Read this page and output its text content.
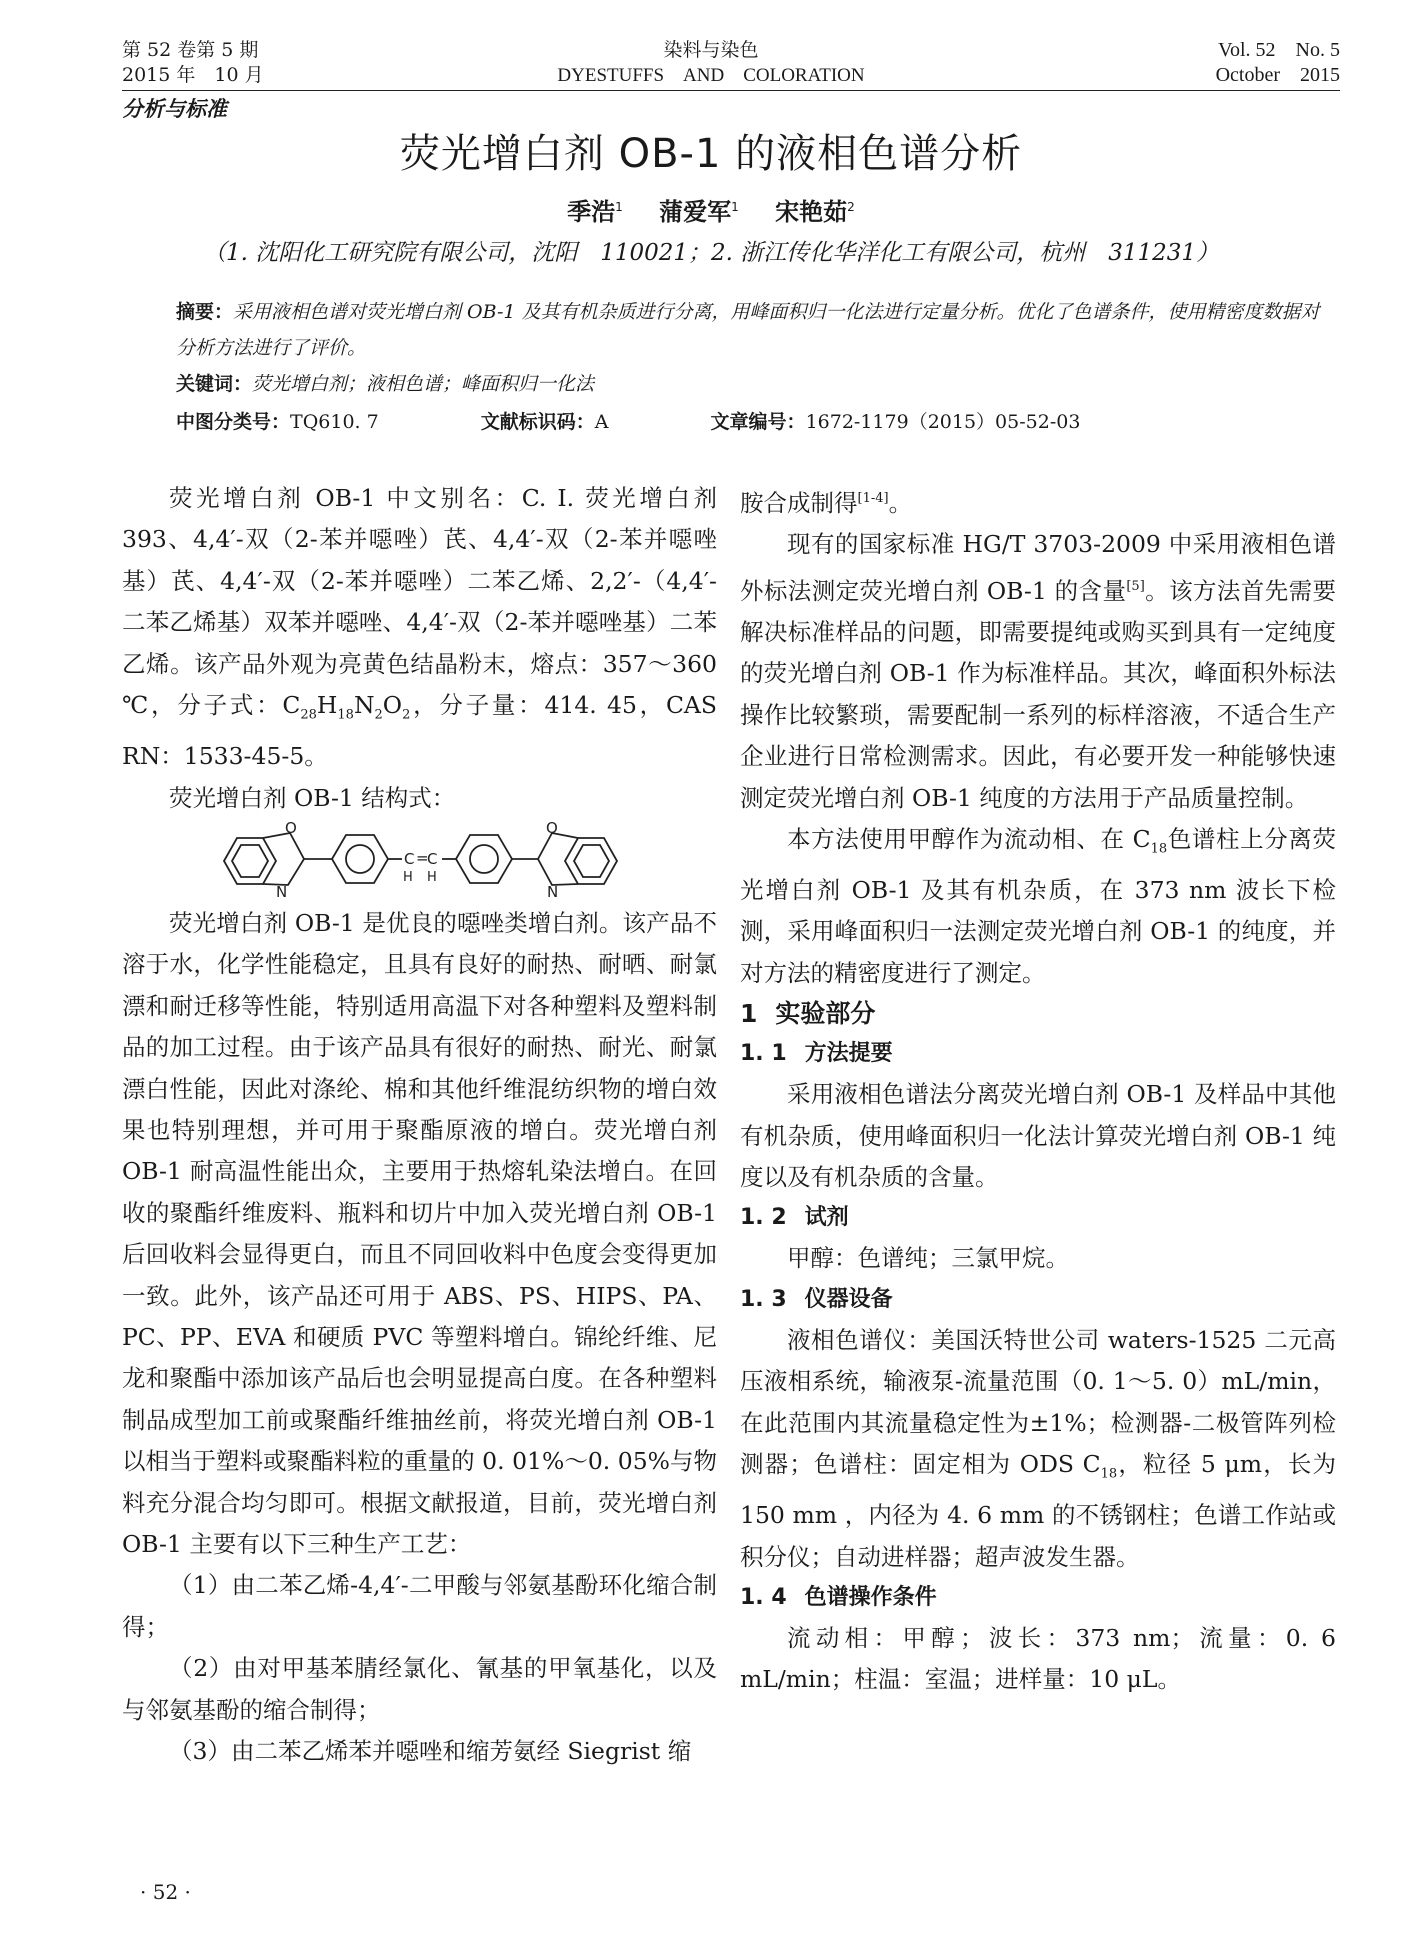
第 52 卷第 5 期
2015 年　10 月
染料与染色
DYESTUFFS　AND　COLORATION
Vol. 52　No. 5
October　2015
分析与标准
荧光增白剂 OB-1 的液相色谱分析
季浩$^1$ 蒲爱军$^1$ 宋艳茹$^2$
（1. 沈阳化工研究院有限公司，沈阳　110021；2. 浙江传化华洋化工有限公司，杭州　311231）
摘要：采用液相色谱对荧光增白剂 OB-1 及其有机杂质进行分离，用峰面积归一化法进行定量分析。优化了色谱条件，使用精密度数据对分析方法进行了评价。
关键词：荧光增白剂；液相色谱；峰面积归一化法
中图分类号：TQ610. 7	文献标识码：A	文章编号：1672-1179（2015）05-52-03

荧光增白剂 OB-1 中文别名：C. I. 荧光增白剂 393、4,4′-双（2-苯并噁唑）芪、4,4′-双（2-苯并噁唑基）芪、4,4′-双（2-苯并噁唑）二苯乙烯、2,2′-（4,4′-二苯乙烯基）双苯并噁唑、4,4′-双（2-苯并噁唑基）二苯乙烯。该产品外观为亮黄色结晶粉末，熔点：357～360 ℃，分子式：$C_{28}H_{18}N_2O_2$，分子量：414. 45，CAS RN：1533-45-5。

荧光增白剂 OB-1 结构式：

O
N
C =
C
H H
O
N

荧光增白剂 OB-1 是优良的噁唑类增白剂。该产品不溶于水，化学性能稳定，且具有良好的耐热、耐晒、耐氯漂和耐迁移等性能，特别适用高温下对各种塑料及塑料制品的加工过程。由于该产品具有很好的耐热、耐光、耐氯漂白性能，因此对涤纶、棉和其他纤维混纺织物的增白效果也特别理想，并可用于聚酯原液的增白。荧光增白剂 OB-1 耐高温性能出众，主要用于热熔轧染法增白。在回收的聚酯纤维废料、瓶料和切片中加入荧光增白剂 OB-1 后回收料会显得更白，而且不同回收料中色度会变得更加一致。此外，该产品还可用于 ABS、PS、HIPS、PA、PC、PP、EVA 和硬质 PVC 等塑料增白。锦纶纤维、尼龙和聚酯中添加该产品后也会明显提高白度。在各种塑料制品成型加工前或聚酯纤维抽丝前，将荧光增白剂 OB-1 以相当于塑料或聚酯料粒的重量的 0. 01%～0. 05%与物料充分混合均匀即可。根据文献报道，目前，荧光增白剂 OB-1 主要有以下三种生产工艺：

（1）由二苯乙烯-4,4′-二甲酸与邻氨基酚环化缩合制得；

（2）由对甲基苯腈经氯化、氰基的甲氧基化，以及与邻氨基酚的缩合制得；

（3）由二苯乙烯苯并噁唑和缩芳氨经 Siegrist 缩

胺合成制得[1-4]。

现有的国家标准 HG/T 3703-2009 中采用液相色谱外标法测定荧光增白剂 OB-1 的含量[5]。该方法首先需要解决标准样品的问题，即需要提纯或购买到具有一定纯度的荧光增白剂 OB-1 作为标准样品。其次，峰面积外标法操作比较繁琐，需要配制一系列的标样溶液，不适合生产企业进行日常检测需求。因此，有必要开发一种能够快速测定荧光增白剂 OB-1 纯度的方法用于产品质量控制。

本方法使用甲醇作为流动相、在 $C_{18}$色谱柱上分离荧光增白剂 OB-1 及其有机杂质，在 373 nm 波长下检测，采用峰面积归一法测定荧光增白剂 OB-1 的纯度，并对方法的精密度进行了测定。

1 实验部分

1. 1 方法提要

采用液相色谱法分离荧光增白剂 OB-1 及样品中其他有机杂质，使用峰面积归一化法计算荧光增白剂 OB-1 纯度以及有机杂质的含量。

1. 2 试剂

甲醇：色谱纯；三氯甲烷。

1. 3 仪器设备

液相色谱仪：美国沃特世公司 waters-1525 二元高压液相系统，输液泵-流量范围（0. 1～5. 0）mL/min，在此范围内其流量稳定性为±1%；检测器-二极管阵列检测器；色谱柱：固定相为 ODS $C_{18}$，粒径 5 μm，长为 150 mm ，内径为 4. 6 mm 的不锈钢柱；色谱工作站或积分仪；自动进样器；超声波发生器。

1. 4 色谱操作条件

流动相：甲醇；波长：373 nm；流量：0. 6 mL/min；柱温：室温；进样量：10 μL。

· 52 ·
